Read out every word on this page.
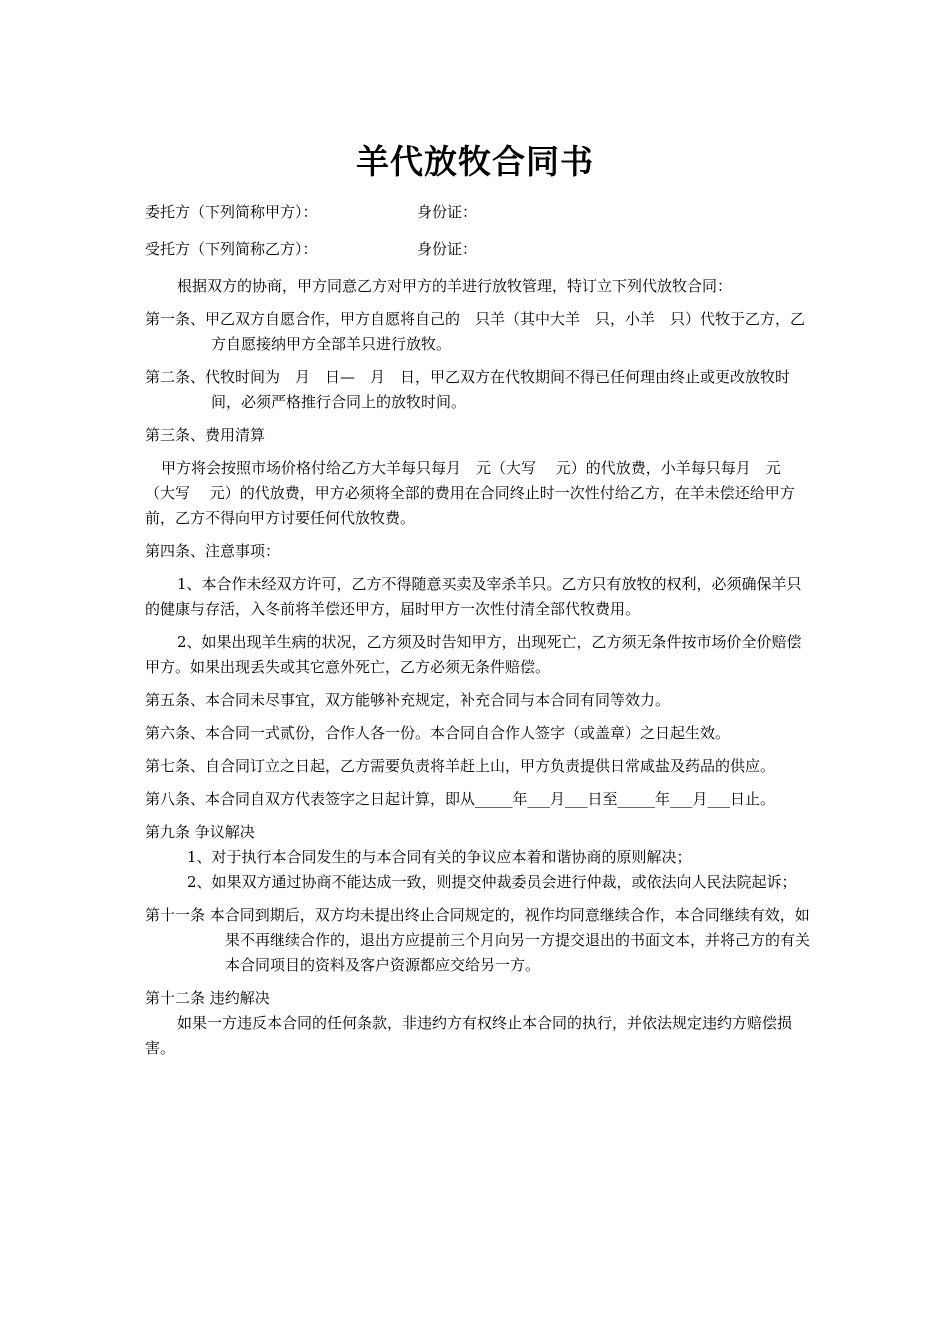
羊代放牧合同书
委托方（下列简称甲方）：	身份证：
受托方（下列简称乙方）：	身份证：

根据双方的协商，甲方同意乙方对甲方的羊进行放牧管理，特订立下列代放牧合同：

第一条、甲乙双方自愿合作，甲方自愿将自己的　只羊（其中大羊　只，小羊　只）代牧于乙方，乙方自愿接纳甲方全部羊只进行放牧。

第二条、代牧时间为　月　日—　月　日，甲乙双方在代牧期间不得已任何理由终止或更改放牧时间，必须严格推行合同上的放牧时间。

第三条、费用清算

甲方将会按照市场价格付给乙方大羊每只每月　元（大写　 元）的代放费，小羊每只每月　元（大写　 元）的代放费，甲方必须将全部的费用在合同终止时一次性付给乙方，在羊未偿还给甲方前，乙方不得向甲方讨要任何代放牧费。

第四条、注意事项：

1、本合作未经双方许可，乙方不得随意买卖及宰杀羊只。乙方只有放牧的权利，必须确保羊只的健康与存活，入冬前将羊偿还甲方，届时甲方一次性付清全部代牧费用。

2、如果出现羊生病的状况，乙方须及时告知甲方，出现死亡，乙方须无条件按市场价全价赔偿甲方。如果出现丢失或其它意外死亡，乙方必须无条件赔偿。

第五条、本合同未尽事宜，双方能够补充规定，补充合同与本合同有同等效力。

第六条、本合同一式贰份，合作人各一份。本合同自合作人签字（或盖章）之日起生效。

第七条、自合同订立之日起，乙方需要负责将羊赶上山，甲方负责提供日常咸盐及药品的供应。

第八条、本合同自双方代表签字之日起计算，即从_____年___月___日至_____年___月___日止。

第九条 争议解决

1、对于执行本合同发生的与本合同有关的争议应本着和谐协商的原则解决；

2、如果双方通过协商不能达成一致，则提交仲裁委员会进行仲裁，或依法向人民法院起诉；

第十一条 本合同到期后，双方均未提出终止合同规定的，视作均同意继续合作，本合同继续有效，如果不再继续合作的，退出方应提前三个月向另一方提交退出的书面文本，并将己方的有关本合同项目的资料及客户资源都应交给另一方。

第十二条 违约解决

如果一方违反本合同的任何条款，非违约方有权终止本合同的执行，并依法规定违约方赔偿损害。
